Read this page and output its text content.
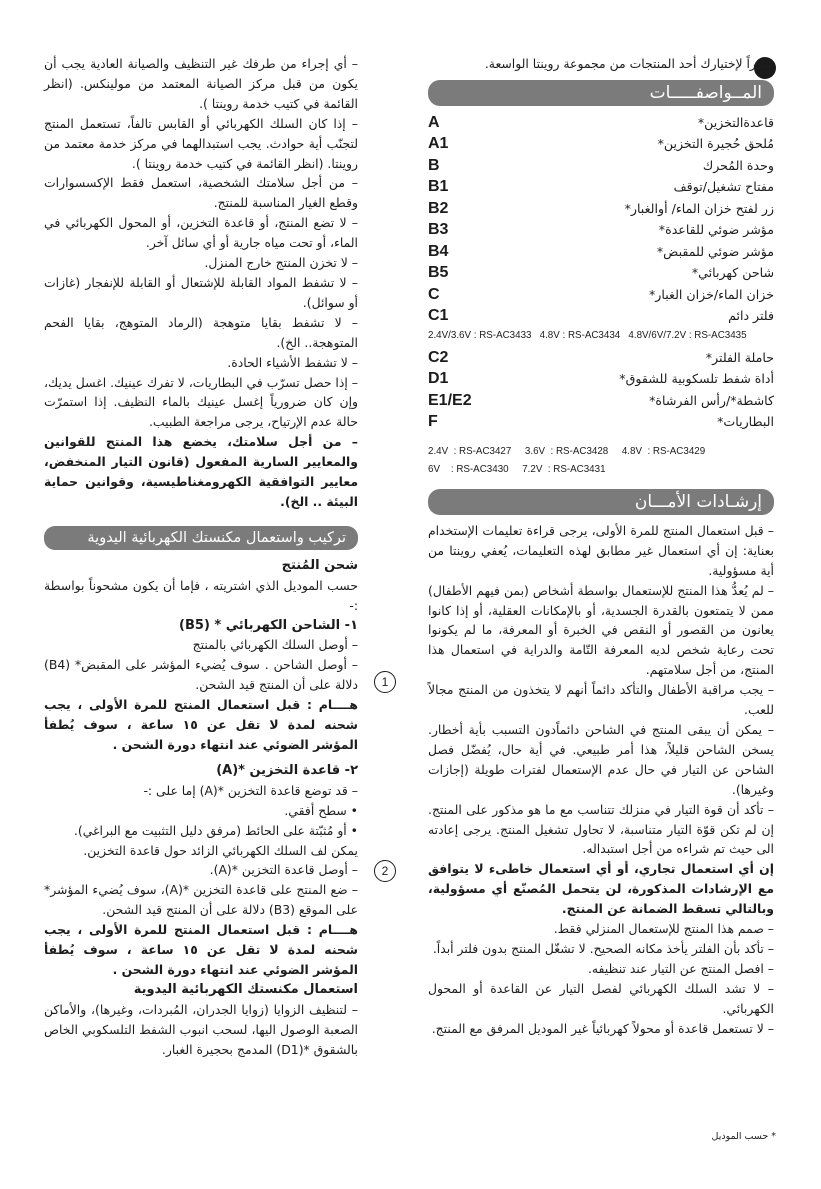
شكراً لإختيارك أحد المنتجات من مجموعة روينتا الواسعة.

المــواصفـــــات
قاعدةالتخزين*
A
مُلحق حُجيرة التخزين*
A1
وحدة المُحرك
B
مفتاح تشغيل/توقف
B1
زر لفتح خزان الماء/ أوالغبار*
B2
مؤشر ضوئي للقاعدة*
B3
مؤشر ضوئي للمقبض*
B4
شاحن كهربائي*
B5
خزان الماء/خزان الغبار*
C
فلتر دائم
C1
2.4V/3.6V : RS-AC3433   4.8V : RS-AC3434   4.8V/6V/7.2V : RS-AC3435
حاملة الفلتر*
C2
أداة شفط تلسكوبية للشقوق*
D1
كاشطة*/رأس الفرشاة*
E1/E2
البطاريات*
F
2.4V  : RS-AC3427     3.6V  : RS-AC3428     4.8V  : RS-AC3429
6V    : RS-AC3430     7.2V  : RS-AC3431
إرشـادات الأمـــان

– قبل استعمال المنتج للمرة الأولى، يرجى قراءة تعليمات الإستخدام بعناية: إن أي استعمال غير مطابق لهذه التعليمات، يُعفي روينتا من أية مسؤولية.

– لم يُعدُّ هذا المنتج للإستعمال بواسطة أشخاص (بمن فيهم الأطفال) ممن لا يتمتعون بالقدرة الجسدية، أو بالإمكانات العقلية، أو إذا كانوا يعانون من القصور أو النقص في الخبرة أو المعرفة، ما لم يكونوا تحت رعاية شخص لديه المعرفة التّامة والدراية في استعمال هذا المنتج، من أجل سلامتهم.

– يجب مراقبة الأطفال والتأكد دائماً أنهم لا يتخذون من المنتج مجالاً للعب.

– يمكن أن يبقى المنتج في الشاحن دائماًدون التسبب بأية أخطار. يسخن الشاحن قليلاً، هذا أمر طبيعي. في أية حال، يُفضّل فصل الشاحن عن التيار في حال عدم الإستعمال لفترات طويلة (إجازات وغيرها).

– تأكد أن قوة التيار في منزلك تتناسب مع ما هو مذكور على المنتج. إن لم تكن قوّة التيار متناسبة، لا تحاول تشغيل المنتج. يرجى إعادته الى حيث تم شراءه من أجل استبداله.

إن أي استعمال تجاري، أو أي استعمال خاطىء لا يتوافق مع الإرشادات المذكورة، لن يتحمل المُصنّع أي مسؤولية، وبالتالي تسقط الضمانة عن المنتج.

– صمم هذا المنتج للإستعمال المنزلي فقط.

– تأكد بأن الفلتر يأخذ مكانه الصحيح. لا تشغّل المنتج بدون فلتر أبداً.

– افصل المنتج عن التيار عند تنظيفه.

– لا تشد السلك الكهربائي لفصل التيار عن القاعدة أو المحول الكهربائي.

– لا تستعمل قاعدة أو محولاً كهربائياً غير الموديل المرفق مع المنتج.

* حسب الموديل

– أي إجراء من طرفك غير التنظيف والصيانة العادية يجب أن يكون من قبل مركز الصيانة المعتمد من مولينكس. (انظر القائمة في كتيب خدمة روينتا ).

– إذا كان السلك الكهربائي أو القابس تالفاً، تستعمل المنتج لتجنّب أية حوادث. يجب استبدالهما في مركز خدمة معتمد من روينتا. (انظر القائمة في كتيب خدمة روينتا ).

– من أجل سلامتك الشخصية، استعمل فقط الإكسسوارات وقطع الغيار المناسبة للمنتج.

– لا تضع المنتج، أو قاعدة التخزين، أو المحول الكهربائي في الماء، أو تحت مياه جارية أو أي سائل آخر.

– لا تخزن المنتج خارج المنزل.

– لا تشفط المواد القابلة للإشتعال أو القابلة للإنفجار (غازات أو سوائل).

– لا تشفط بقايا متوهجة (الرماد المتوهج، بقايا الفحم المتوهجة.. الخ).

– لا تشفط الأشياء الحادة.

– إذا حصل تسرّب في البطاريات، لا تفرك عينيك. اغسل يديك، وإن كان ضرورياً إغسل عينيك بالماء النظيف. إذا استمرّت حالة عدم الإرتياح، يرجى مراجعة الطبيب.

– من أجل سلامتك، يخضع هذا المنتج للقوانين والمعايير السارية المفعول (قانون التيار المنخفض، معايير التوافقية الكهرومغناطيسية، وقوانين حماية البيئة .. الخ).

تركيب واستعمال مكنستك الكهربائية اليدوية

شحن المُنتج

حسب الموديل الذي اشتريته ، فإما أن يكون مشحوناً بواسطة :-

١- الشاحن الكهربائي * (B5)

– أوصل السلك الكهربائي بالمنتج

– أوصل الشاحن . سوف يُضيء المؤشر على المقبض* (B4) دلالة على أن المنتج قيد الشحن.

هــــام : قبل استعمال المنتج للمرة الأولى ، يجب شحنه لمدة لا تقل عن ١٥ ساعة ، سوف يُطفأ المؤشر الضوئي عند انتهاء دورة الشحن .

٢- قاعدة التخزين *(A)

– قد توضع قاعدة التخزين *(A) إما على :-

• سطح أفقي.

• أو مُثبّتة على الحائط (مرفق دليل التثبيت مع البراغي).

يمكن لف السلك الكهربائي الزائد حول قاعدة التخزين.

– أوصل قاعدة التخزين *(A).

– ضع المنتج على قاعدة التخزين *(A)، سوف يُضيء المؤشر* على الموقع (B3) دلالة على أن المنتج قيد الشحن.

هــــام : قبل استعمال المنتج للمرة الأولى ، يجب شحنه لمدة لا تقل عن ١٥ ساعة ، سوف يُطفأ المؤشر الضوئي عند انتهاء دورة الشحن .

استعمال مكنستك الكهربائية اليدوية

– لتنظيف الزوايا (زوايا الجدران، المُبردات، وغيرها)، والأماكن الصعبة الوصول اليها، لسحب انبوب الشفط التلسكوبي الخاص بالشقوق *(D1) المدمج بحجيرة الغبار.

1
2
